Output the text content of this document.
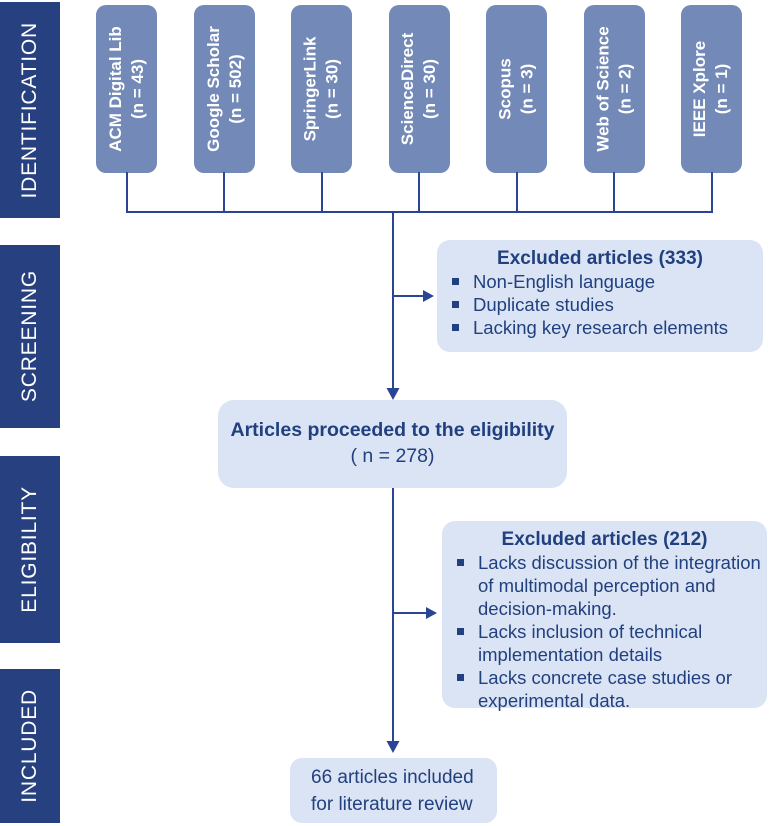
IDENTIFICATION
SCREENING
ELIGIBILITY
INCLUDED
ACM Digital Lib (n = 43)	Google Scholar (n = 502)	SpringerLink (n = 30)	ScienceDirect (n = 30)	Scopus (n = 3)	Web of Science (n = 2)	IEEE Xplore (n = 1)
Excluded articles (333)
Non-English language
Duplicate studies
Lacking key research elements
Articles proceeded to the eligibility
( n = 278)
Excluded articles (212)
Lacks discussion of the integration of multimodal perception and decision-making.
Lacks inclusion of technical implementation details
Lacks concrete case studies or experimental data.
66 articles included
for literature review
